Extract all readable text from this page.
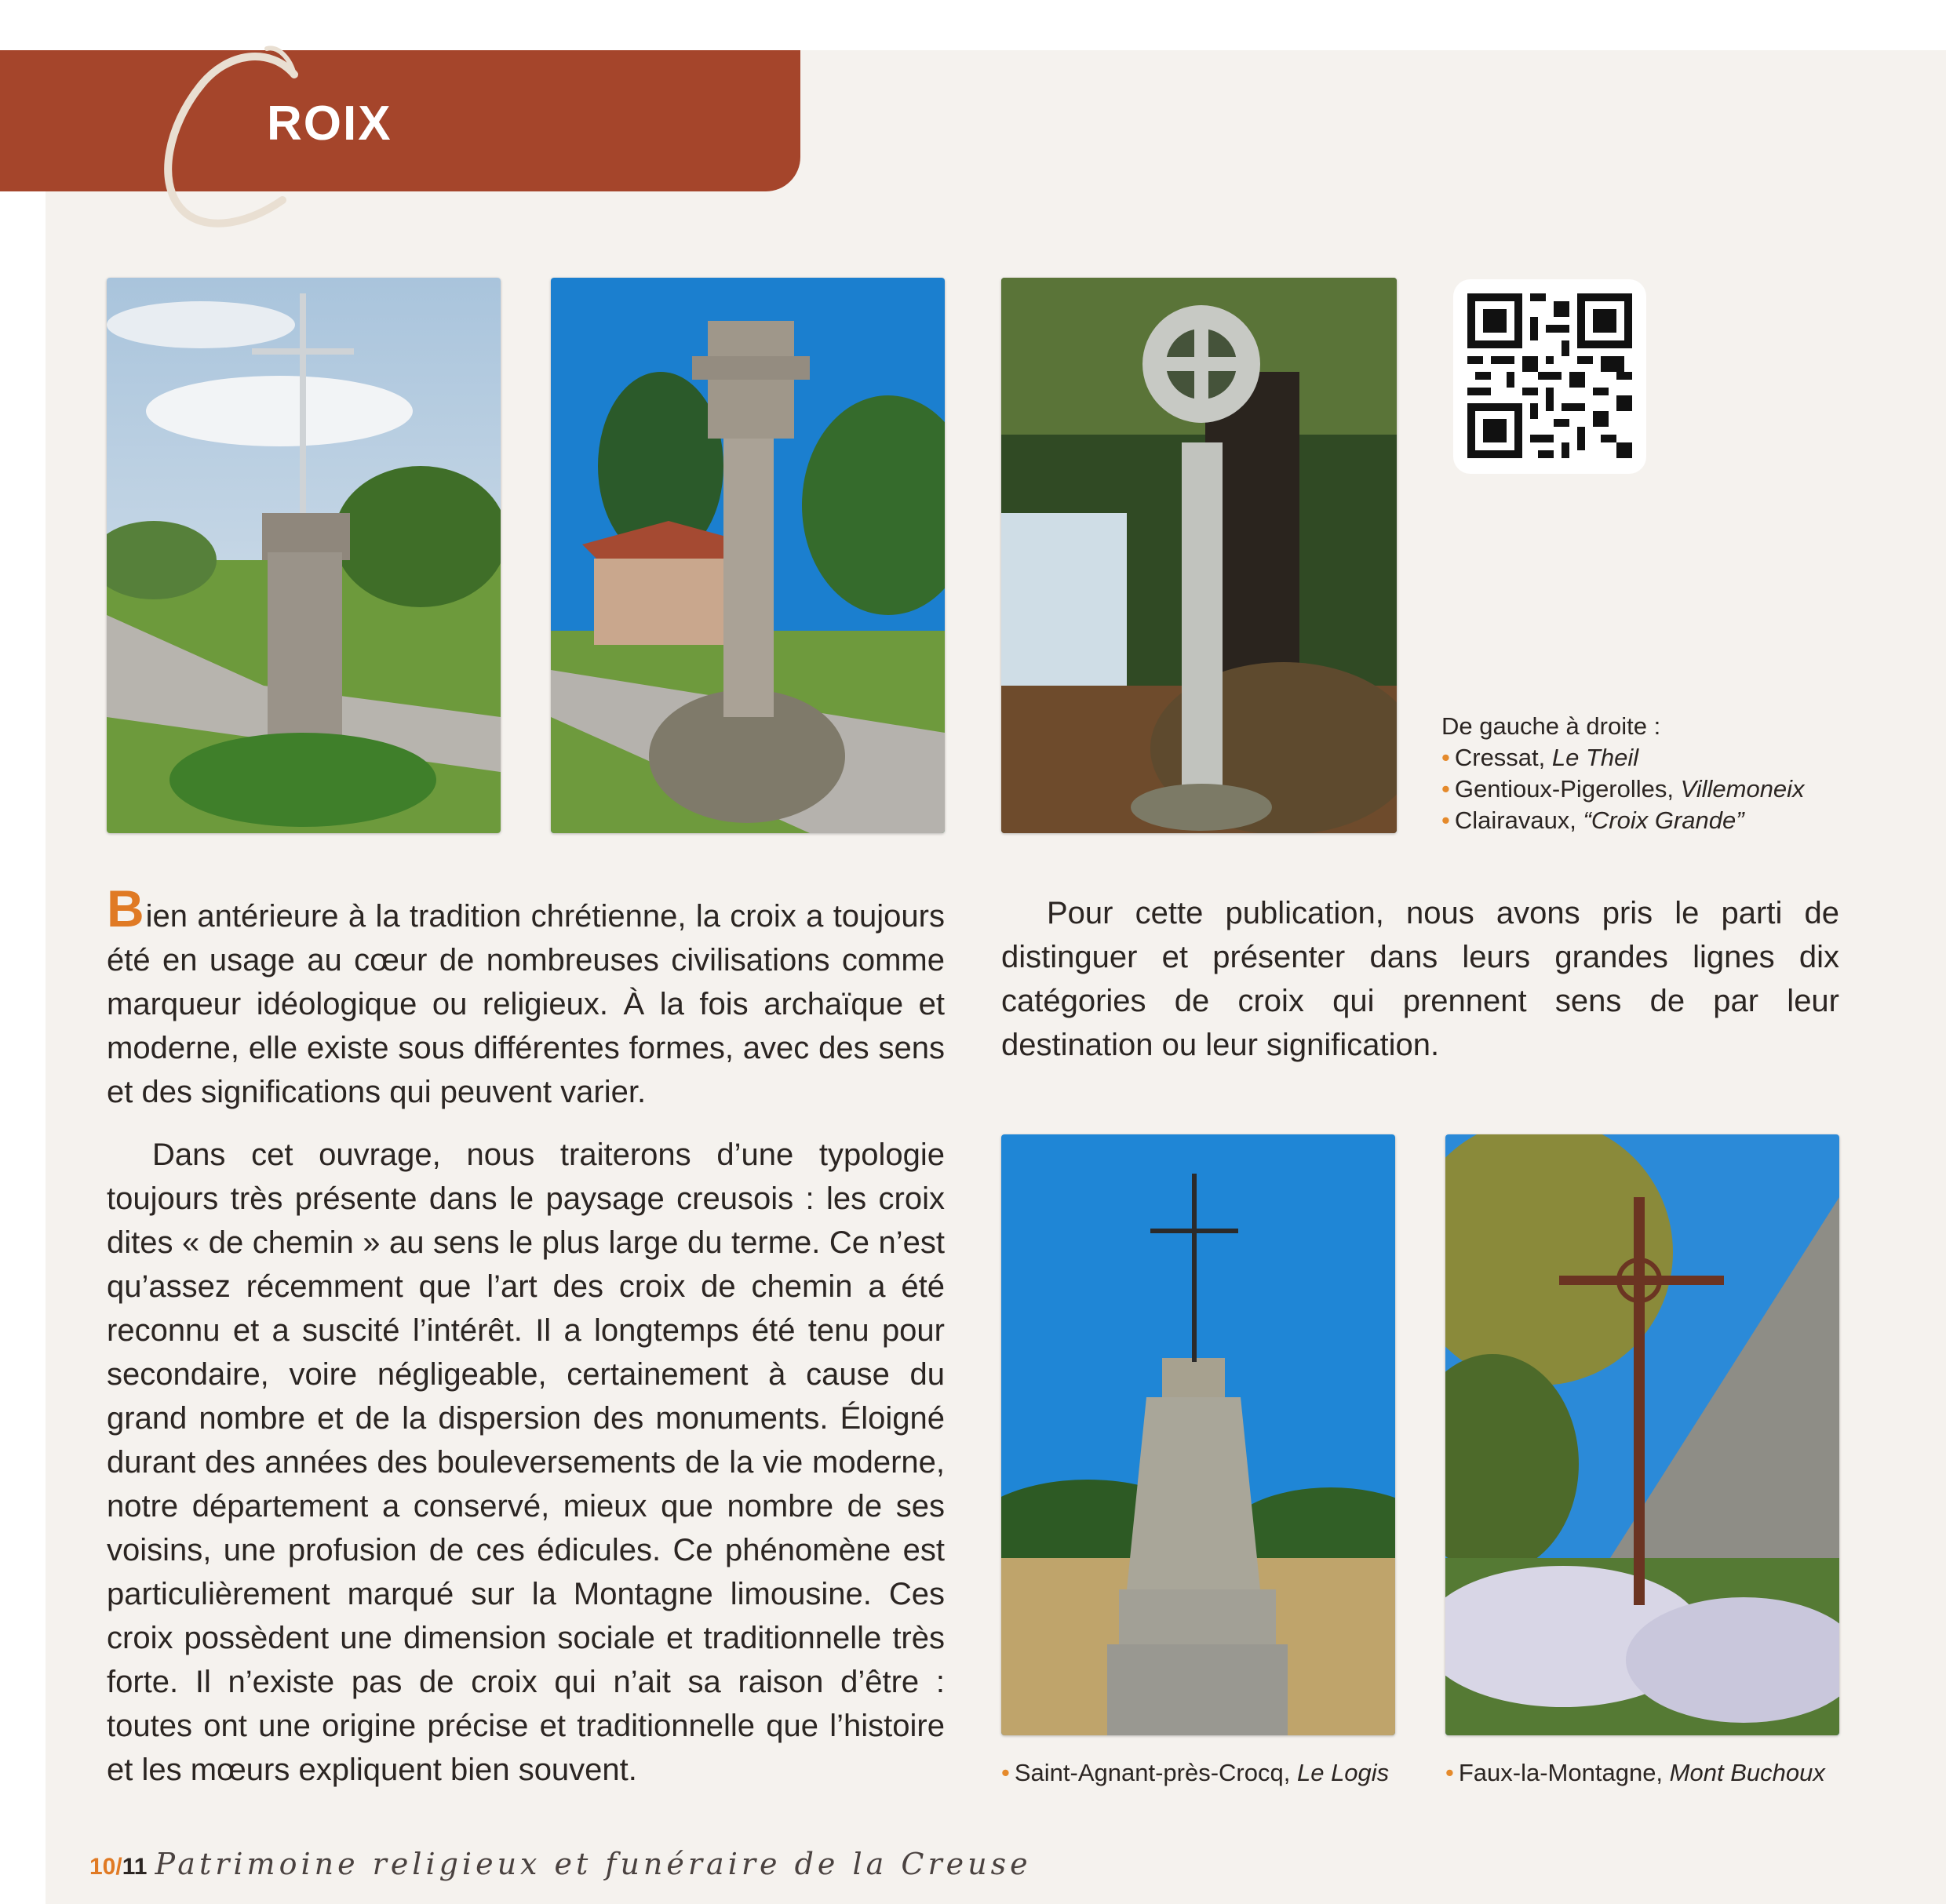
ROIX
De gauche à droite :
• Cressat, Le Theil
• Gentioux-Pigerolles, Villemoneix
• Clairavaux, “Croix Grande”

Bien antérieure à la tradition chrétienne, la croix a toujours été en usage au cœur de nombreuses civilisations comme marqueur idéologique ou religieux. À la fois archaïque et moderne, elle existe sous différentes formes, avec des sens et des significations qui peuvent varier.

Dans cet ouvrage, nous traiterons d’une typologie toujours très présente dans le paysage creusois : les croix dites « de chemin » au sens le plus large du terme. Ce n’est qu’assez récemment que l’art des croix de chemin a été reconnu et a suscité l’intérêt. Il a longtemps été tenu pour secondaire, voire négligeable, certainement à cause du grand nombre et de la dispersion des monuments. Éloigné durant des années des bouleversements de la vie moderne, notre département a conservé, mieux que nombre de ses voisins, une profusion de ces édicules. Ce phénomène est particulièrement marqué sur la Montagne limousine. Ces croix possèdent une dimension sociale et traditionnelle très forte. Il n’existe pas de croix qui n’ait sa raison d’être : toutes ont une origine précise et traditionnelle que l’histoire et les mœurs expliquent bien souvent.

Pour cette publication, nous avons pris le parti de distinguer et présenter dans leurs grandes lignes dix catégories de croix qui prennent sens de par leur destination ou leur signification.

• Saint-Agnant-près-Crocq, Le Logis • Faux-la-Montagne, Mont Buchoux
10/11 Patrimoine religieux et funéraire de la Creuse
